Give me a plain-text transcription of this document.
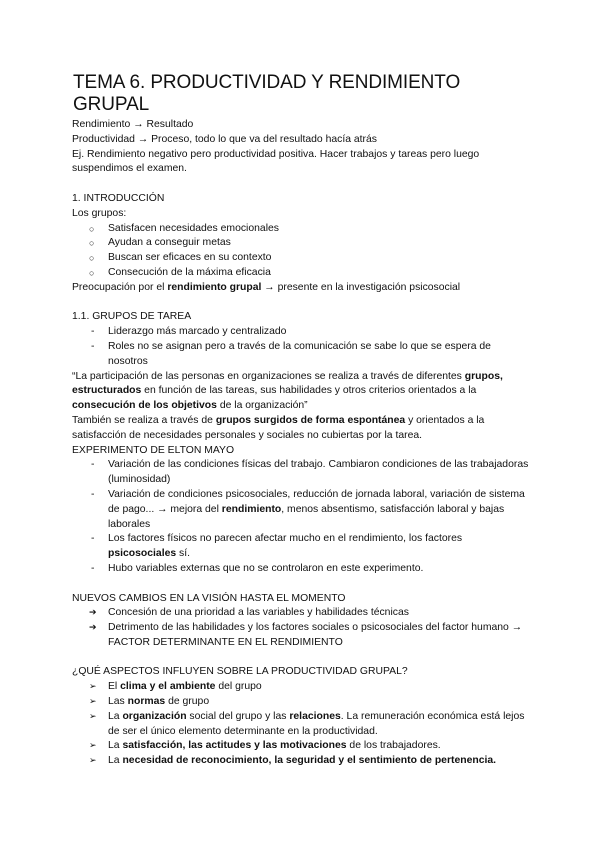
TEMA 6. PRODUCTIVIDAD Y RENDIMIENTO GRUPAL

Rendimiento → Resultado

Productividad → Proceso, todo lo que va del resultado hacía atrás

Ej. Rendimiento negativo pero productividad positiva. Hacer trabajos y tareas pero luego suspendimos el examen.

1. INTRODUCCIÓN

Los grupos:

○ Satisfacen necesidades emocionales
○ Ayudan a conseguir metas
○ Buscan ser eficaces en su contexto
○ Consecución de la máxima eficacia

Preocupación por el rendimiento grupal → presente en la investigación psicosocial

1.1. GRUPOS DE TAREA

- Liderazgo más marcado y centralizado
- Roles no se asignan pero a través de la comunicación se sabe lo que se espera de nosotros

“La participación de las personas en organizaciones se realiza a través de diferentes grupos, estructurados en función de las tareas, sus habilidades y otros criterios orientados a la consecución de los objetivos de la organización”

También se realiza a través de grupos surgidos de forma espontánea y orientados a la satisfacción de necesidades personales y sociales no cubiertas por la tarea.

EXPERIMENTO DE ELTON MAYO

- Variación de las condiciones físicas del trabajo. Cambiaron condiciones de las trabajadoras (luminosidad)
- Variación de condiciones psicosociales, reducción de jornada laboral, variación de sistema de pago... → mejora del rendimiento, menos absentismo, satisfacción laboral y bajas laborales
- Los factores físicos no parecen afectar mucho en el rendimiento, los factores psicosociales sí.
- Hubo variables externas que no se controlaron en este experimento.

NUEVOS CAMBIOS EN LA VISIÓN HASTA EL MOMENTO

➔ Concesión de una prioridad a las variables y habilidades técnicas
➔ Detrimento de las habilidades y los factores sociales o psicosociales del factor humano → FACTOR DETERMINANTE EN EL RENDIMIENTO

¿QUÉ ASPECTOS INFLUYEN SOBRE LA PRODUCTIVIDAD GRUPAL?

➢ El clima y el ambiente del grupo
➢ Las normas de grupo
➢ La organización social del grupo y las relaciones. La remuneración económica está lejos de ser el único elemento determinante en la productividad.
➢ La satisfacción, las actitudes y las motivaciones de los trabajadores.
➢ La necesidad de reconocimiento, la seguridad y el sentimiento de pertenencia.
